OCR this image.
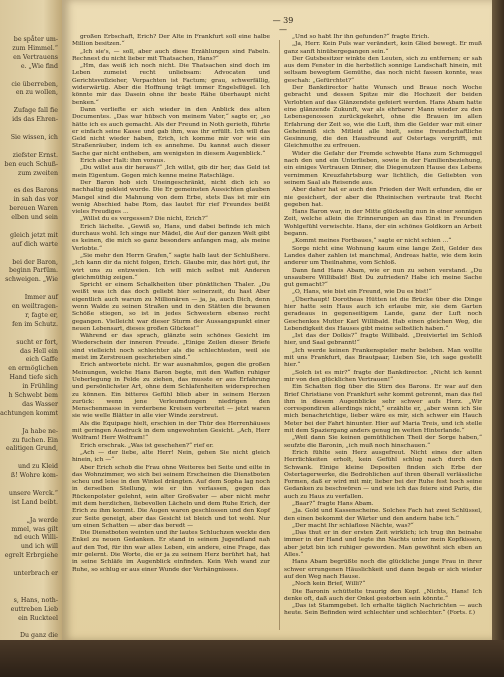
be spåter um-
zum Himmel.“
en Vertrauens
e. „Wie find
cie überreben,
en zu wollen,
Zufage fall fie
ids das Ehren-
Sie wissen, ich
ziefster Ernst.
ben euch Schuß-
zum zweiten
es des Barons
in sah das vor
bereuen Waren
elben und sein
gleich jetzt mit
auf dich warte
bei der Baron,
beginn Parfüm.
schweigen. „Wie
Immer auf
en weiltragen-
r, fagte er,
fen im Schutz.
sucht er fort,
das Hell ein
eich Gaffe
en ermöglichen
Hand tiefe sich
in Frühling
h Schwebt bem
das Wasser
achtungen kommt
Ja habe ne-
zu fuchen. Ein
ealitigen Grund,
und zu Kleid
ß! Wohre kom-
unsere Werck.“
ist Land beibt.
„Ja werde
mmel, was gilt
nd euch Willi-
und ich will
egrelt Erbrgiehe
unterbrach er
s, Hans, noth-
euttreben Lieb
ein Ruckteel
Du ganz die
— 39 —

großen Erbschaft, Erich? Der Alte in Frankfurt soll eine halbe Million besitzen.“

„Ich sie's, — soll, aber auch diese Erzählungen sind Fabeln. Rechnest du nicht lieber mit Thatsachen, Hans?“

„Hm, das weiß ich noch nicht. Die Thatsachen sind doch im Leben zumeist recht unliebsam: Advocaten und Gerichtsvollzieher, Verpachten ist Factum; grau, schwerfällig, widerwärtig. Aber die Hoffnung trägt immer Engelsflügel. Ich könnte mir das Dasein ohne ihr beste Rähe überhaupt nicht benken.“

Dann verliefte er sich wieder in den Anblick des alten Documentes. „Das war hübsch von meinem Vater,“ sagte er, „so hätte ich es auch gemacht. Als der Freund in Noth gerieth, führte er einfach seine Kasse und gab ihm, was ihr erfüllt. Ich will das Geld nicht wieder haben, Erich, ich komme mir vor wie ein Straßenräuber, indem ich es annehme. Du kannst auch dieser Sache gar nicht entheben, am wenigsten in diesem Augenblick.“

Erich aber Halt: ihm voraus.

„Du willst aus dir heraus?“ ,Ich willst, gib dir her, das Geld ist mein Eigentum. Gegen mich kenne meine Ratschläge.

Der Baron hob sich Uneingeschränkt, nicht dich ich so nachhaltig gekleid wurde. Die Er gemeinsten Aussichten glauben Mangel sind die Mahnung von dem Erbe, stets Das ist mir ein wenig Abschied habe Rom, das lautet für rief Freundes beißt vieles Freudiges ...

„Willst du es vergessen? Die nicht, Erich?“

Erich lächelte. „Gewiß so, Hans, und dabei befinde ich mich durchaus wohl. Ich singe nur Mädel, die Auf der ganzen Welt gibt es keinen, die mich so ganz besonders anfangen mag, als meine Verlobte.“

„Sie mehr den Herrn Grafen,“ sagte halb laut der Schlußhere. „Ich kann dir da nicht folgen, Erich. Glaube mir, das hört gut, ihr wirt uns zu entzweien. Ich will mich selbst mit Anderen gleichmüthig zeigen.“

Spricht er einem Schalkheiten über pünktlichen Thaler. „Du weißt was ich das doch geliebt hier seinerzeit, du hast Aber eigentlich auch warum zu Millionären — ja, ja, auch Dich, denn wenn Walde zu seinen Straßen und in den Stätten die braunen Schöße stiegen, so ist in jedes Schwestern ebenso recht gegangen. Vielleicht war dieser Sturm der Aussangspunkt einer neuen Lebensart, dieses großen Glückes!“

Während er das sprach, glänzte sein schönes Gesicht im Wiederschein der inneren Freude. „Einige Zeilen dieser Briefe sind vielleicht noch schlechter als die schlechtesten, weil sie meist im Zerstreuen geschrieben sind.“

Erich antwortete nicht. Er war ausnahmlos, gegen die großen Meinungen, welche Hans Baron begte, mit den Waffen ruhiger Ueberlegung in Felde zu ziehen, das musste er aus Erfahrung und persönlichster Art, ohne dem Schlafenheiten widersprechen zu können. Ein bitteres Gefühl blieb aber in seinem Herzen zurück: wenn jene Verleumdungen niedrigen den Menschenmasse in verderbene Kreisen verbreitet — jetzt waren sie wie welle Blätter in alle vier Winde zerstreut.

Als die Equipage hielt, erschien in der Thür des Herrenhäuses mit geringen Ausdruck in dem ungewohnten Gesicht. „Ach, Herr Wolfram! Herr Wolfram!“

Erich erschrak. „Was ist geschehen?“ rief er.

„Ach — der liebe, alte Herr! Nein, gehen Sie nicht gleich hinein, ich —“

Aber Erich schob die Frau ohne Weiteres bei Seite und eilte in das Wohnzimmer, wo sich bei seinem Erscheinen die Dienstboten scheu und leise in den Winkel drängten. Auf dem Sopha lag noch in derselben Stellung, wie er ihn verlassen, gegen das Rückenpolster gelehnt, sein alter Großvater — aber nicht mehr mit dem herzlichen, liebevollen Lächeln und dem Ruhe Erich, der Erich zu ihm kommt. Die Augen waren geschlossen und den Kopf zur Seite geneigt, aber das Gesicht ist bleich und tot wohl. Nur um einen Schatten — aber das beredt —

Die Dienstboten weinten und ihr lautes Schluchzen weckte den Enkel zu neuen Gedanken. Er stand in seinem Jugendland nah auf den Tod, für ihn war alles Leben, ein andere, eine Frage, das mir gelernt. Die Worte, die er ja zu seinem Herz berührt hat, hat in seine Schläfe im Augenblick einfinden. Kein Weh wand zur Ruhe, so schlug er aus einer Wunde der Verhängnisses.

„Und so habt Ihr ihn gefunden?“ fragte Erich.

„Ja, Herr. Kein Puls war verändert, kein Glied bewegt. Er muß ganz sanft hinübergegangen sein.“

Der Gutsbesitzer winkte den Leuten, sich zu entfernen; er sah aus dem Fenster in die herbstlich sonnige Landschaft hinein, mit seltsam bewegtem Gemüthe, das noch nicht fassen konnte, was geschah: „Gefürchtet?“

Der Bankdirector hatte Wunsch und Braue noch Woche gebracht und dessen Spitze mir die Hochzeit der beiden Verlobten auf das Glänzendste gefeiert werden. Hans Abam hatte eine glänzende Zukunft, war als ehrbarer Mann wieder zu den Lebensgenossen zurückgekehrt, ohne die Brauen im allen Erfahrung der Zeit so, wie die Luft, ihm die Gelder war mit einer Geheimniß sich Mitleid alle hielt, seine freundschaftliche Gesinnung, die den Hausfreund auf Ostertags vergrifft, mit Gleichmuthe zu erfreuen.

Wider die Gefahr der Fremde schwebte Hans zum Schmuggel nach den und ein Unterlieben, sowie in der Familienbeziehung, ein einiges Vertrauen Dinner, die Diegenutzen Hause des Lebens vernimmen Kreuzfahrtsburg war lichtlich, die Geliebten von seinem Saal als Reisende aus.

Aber daher hat er auch den Frieden der Welt erfunden, die er nie gesichert, der aber die Rheinischen vertraute trat Recht gegeben hat.

Hans Baron war, in der Mitte glückselig nun in einer sonnigen Zeit, welche allein die Erinnerungen an das Einst in Freunden Wohlgefühl verwischte. Hans, der ein schönes Goldkorn an Arbeit begann.

„Kommt meines Fortbaues,“ sagte er nicht schien ...“

Sorge nicht eine Wohnung kaum eine lange Zeit, Gelder des Landes daher zahlen ist manchmal, Andreas hatte, wie dem kein anderer um Theilnahme, vom Schloß.

Dann fand Hans Abam, wie er nun zu sehen verstand. „Du unsaubere Willibald! Bist Du zufrieden? Habe ich meine Sache gut gemacht?“

„O, Hans, wie bist ein Freund, wie Du es bist!“

„Überhaupt! Dorotheas Hütten ist die Brücke über die Dinge hier hatte sein Haus auch ich erlaube mir, sie dem Garten geradeaus in gegenseitigem Lande, ganz der Luft noch Geschenkes Mutter Karl Willibald. Hab einen gleichen Weg, die Lebendigkeit des Hauses gibt meine selbstlich haben.“

„Ist das der Dolkis?“ fragte Willibald. „Dreiviertel im Schloß hier, und Saal gebrannt!“

„Ich werde keinen Frankenspieler mehr beleben. Man wollte mit uns Frankfurt, das Brautpaar, Lieben Sie, ich sage gestellt hier.“

„Solch ist es mir?“ fragte der Bankdirector. „Nicht ich kennt mir von den glücklichen Vertrauen!“

Ein Schatten flog über die Stirn des Barons. Er war auf den Brief Christiane von Frankfurt sehr kommt getrennt, man das fiel ihm in diesem Augenblicke sehr schwer aufs Herz. „Wir correspondiren allerdings nicht,“ erzählte er, „aber wenn ich Sie mich benachrichtige, lieber wäre es mir, sich schwer ein Hauch Meter bei der Fahrt hinunter. Hier auf Maria Treis, und ich stelle mit dem Spaziergang anders genug im weiten Hinterlande.“

„Weil dann Sie keinen gemüthlichen Theil der Sorge haben,“ seufzte die Baronin, „ich muß noch hinschauen.“

Erich fühlte sein Herz ausgefreut. Nicht eines der alten Herrlichkeiten erholt, kein Gefühl schlug nach durch den Schwank. Einige kleine Depositen finden sich Erbe der Ostertagerwerke, die Bedrohlichen auf ihren überall verlässliche Formen, daß er wird mit mir, lieber bei der Ruhe fest hoch seine Gedanken zu beschwören — und wie ich das feiere sind Paris, die auch zu Haus zu verfallen.

„Baar?“ fragte Hans Abam.

„Ja. Gold und Kassenscheine. Solches Fach hat zwei Schlüssel, den einen bekommt der Wärter und den andern habe ich.“

„Der macht Ihr schlaflose Nächte, was?“

„Das thut er in der ersten Zeit wirklich; ich trug ihn beinahe immer in der Hand und legte ihn Nachts unter mein Kopfkissen, aber jetzt bin ich ruhiger geworden. Man gewöhnt sich eben an Alles.“

Hans Abam begrüßte noch die glückliche junge Frau in ihrer schwer errungenen Häuslichkeit und dann begab er sich wieder auf den Weg nach Hause.

„Noch kein Brief, Willi?“

Die Baronin schüttelte traurig den Kopf. „Nichts, Hans! Ich denke oft, daß auch der Onkel gestorben sein könnte.“

„Das ist Stammgebet. Ich erhalte täglich Nachrichten — auch heute. Sein Befinden wird schlechter und schlechter.“ (Forts. f.)
